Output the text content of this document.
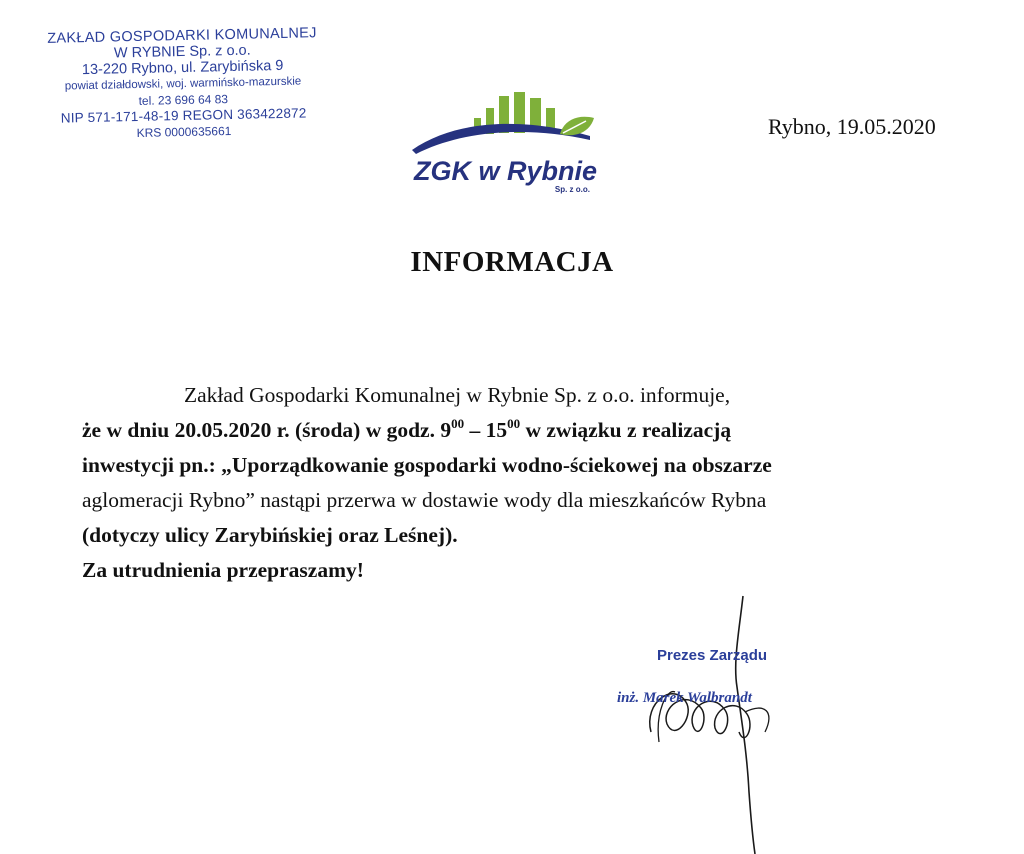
ZAKŁAD GOSPODARKI KOMUNALNEJ
W RYBNIE Sp. z o.o.
13-220 Rybno, ul. Zarybińska 9
powiat działdowski, woj. warmińsko-mazurskie
tel. 23 696 64 83
NIP 571-171-48-19 REGON 363422872
KRS 0000635661
ZGK w Rybnie
Sp. z o.o.
Rybno, 19.05.2020
INFORMACJA
Zakład Gospodarki Komunalnej w Rybnie Sp. z o.o. informuje,
że w dniu 20.05.2020 r. (środa) w godz. $9^{00} - 15^{00}$ w związku z realizacją
inwestycji pn.: „Uporządkowanie gospodarki wodno-ściekowej na obszarze
aglomeracji Rybno” nastąpi przerwa w dostawie wody dla mieszkańców Rybna
(dotyczy ulicy Zarybińskiej oraz Leśnej).
Za utrudnienia przepraszamy!
Prezes Zarządu
inż. Marek Walbrandt
